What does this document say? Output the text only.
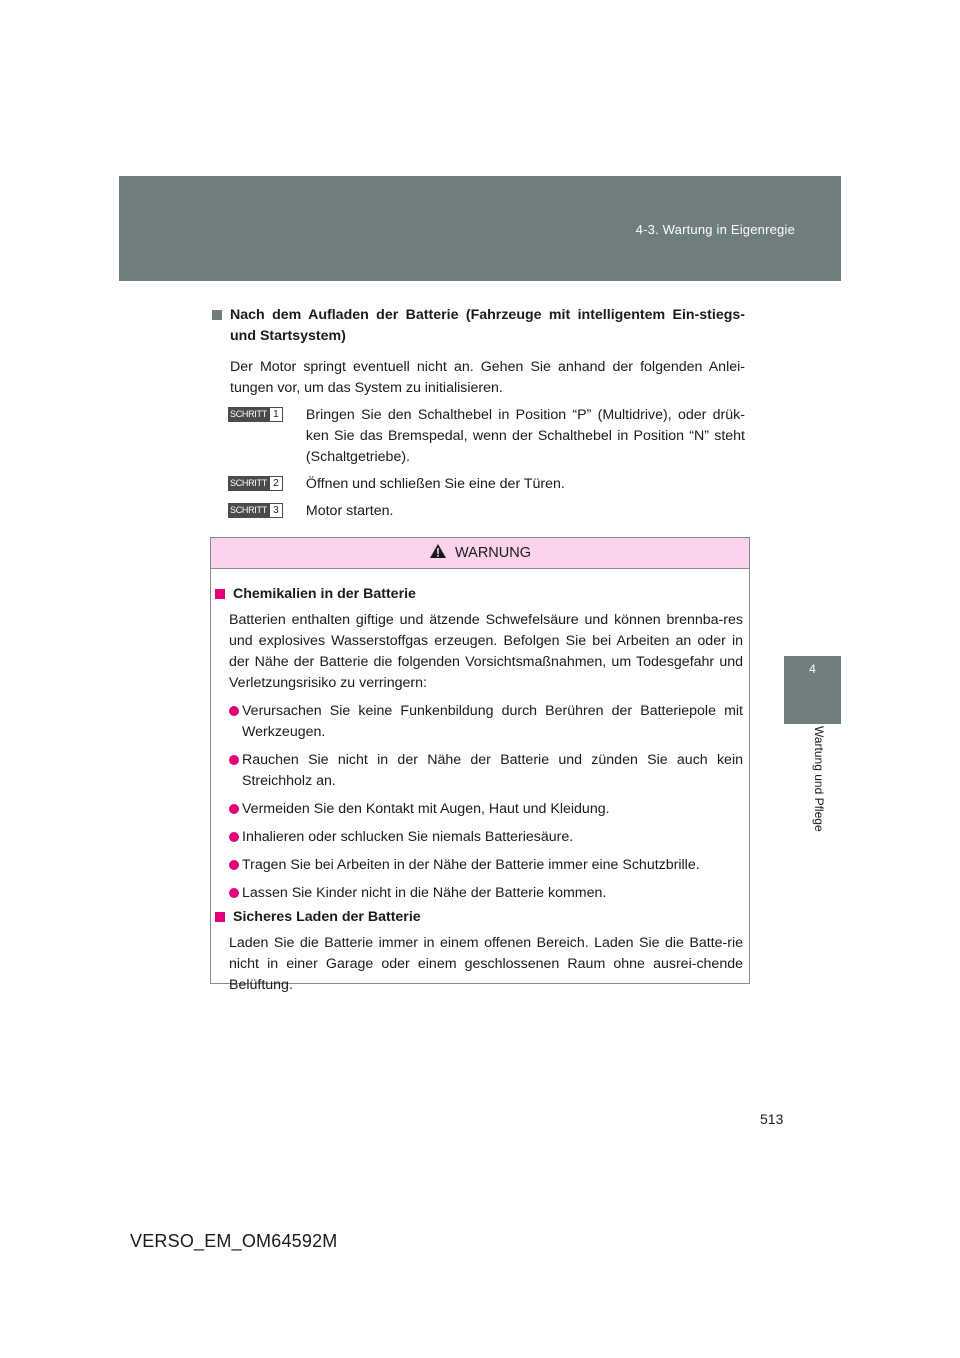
4-3. Wartung in Eigenregie
4
Wartung und Pflege
Nach dem Aufladen der Batterie (Fahrzeuge mit intelligentem Ein-stiegs- und Startsystem)
Der Motor springt eventuell nicht an. Gehen Sie anhand der folgenden Anlei-tungen vor, um das System zu initialisieren.
SCHRITT 1 Bringen Sie den Schalthebel in Position “P” (Multidrive), oder drük-ken Sie das Bremspedal, wenn der Schalthebel in Position “N” steht (Schaltgetriebe).
SCHRITT 2 Öffnen und schließen Sie eine der Türen.
SCHRITT 3 Motor starten.
WARNUNG
Chemikalien in der Batterie
Batterien enthalten giftige und ätzende Schwefelsäure und können brennba-res und explosives Wasserstoffgas erzeugen. Befolgen Sie bei Arbeiten an oder in der Nähe der Batterie die folgenden Vorsichtsmaßnahmen, um Todesgefahr und Verletzungsrisiko zu verringern:
Verursachen Sie keine Funkenbildung durch Berühren der Batteriepole mit Werkzeugen.
Rauchen Sie nicht in der Nähe der Batterie und zünden Sie auch kein Streichholz an.
Vermeiden Sie den Kontakt mit Augen, Haut und Kleidung.
Inhalieren oder schlucken Sie niemals Batteriesäure.
Tragen Sie bei Arbeiten in der Nähe der Batterie immer eine Schutzbrille.
Lassen Sie Kinder nicht in die Nähe der Batterie kommen.
Sicheres Laden der Batterie
Laden Sie die Batterie immer in einem offenen Bereich. Laden Sie die Batte-rie nicht in einer Garage oder einem geschlossenen Raum ohne ausrei-chende Belüftung.
513
VERSO_EM_OM64592M
